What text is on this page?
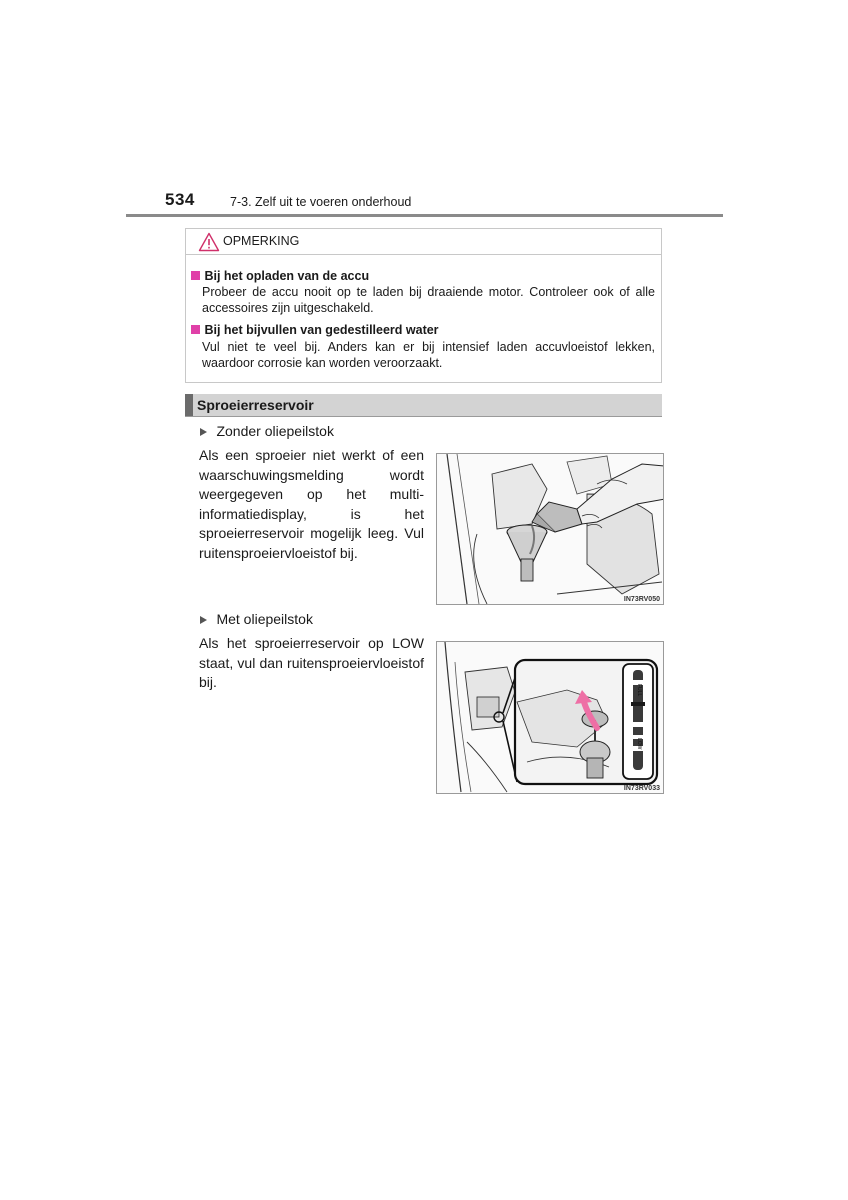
534	7-3. Zelf uit te voeren onderhoud
OPMERKING
Bij het opladen van de accu
Probeer de accu nooit op te laden bij draaiende motor. Controleer ook of alle accessoires zijn uitgeschakeld.
Bij het bijvullen van gedestilleerd water
Vul niet te veel bij. Anders kan er bij intensief laden accuvloeistof lekken, waardoor corrosie kan worden veroorzaakt.
Sproeierreservoir
Zonder oliepeilstok
Als een sproeier niet werkt of een waarschuwingsmelding wordt weergegeven op het multi-informatiedisplay, is het sproeierreservoir mogelijk leeg. Vul ruitensproeiervloeistof bij.
IN73RV050
Met oliepeilstok
Als het sproeierreservoir op LOW staat, vul dan ruitensproeiervloeistof bij.
FULL
LOW
IN73RV033
